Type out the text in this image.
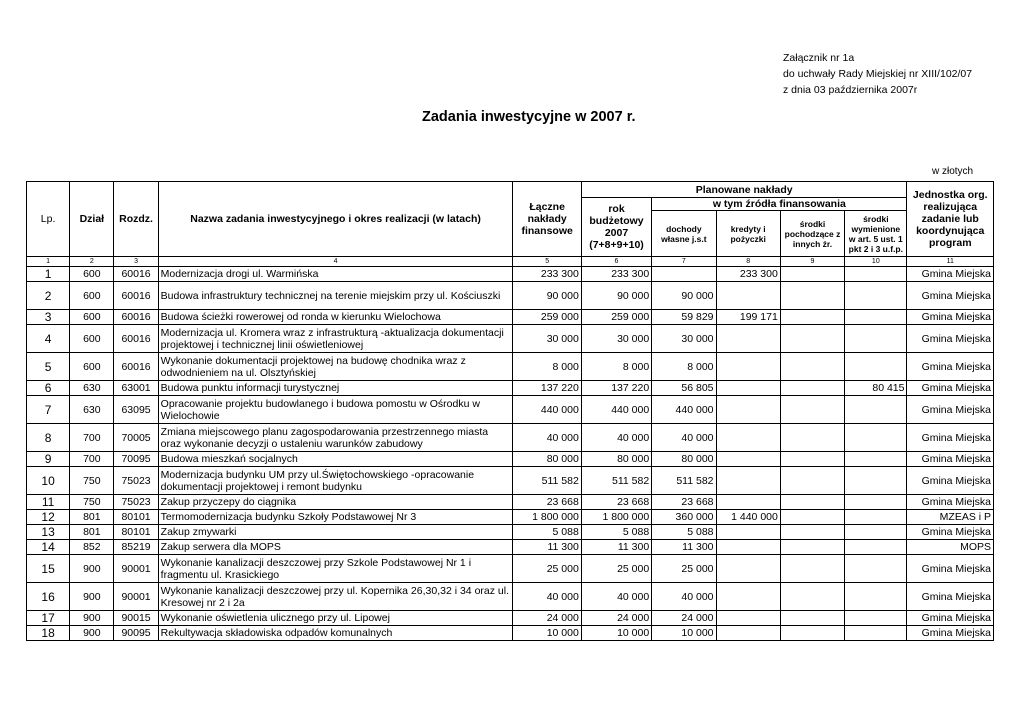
Załącznik nr 1a
do uchwały Rady Miejskiej nr XIII/102/07
z dnia 03 października 2007r
Zadania inwestycyjne w 2007 r.
w złotych
Lp.	Dział	Rozdz.	Nazwa zadania inwestycyjnego i okres realizacji (w latach)	Łączne nakłady finansowe	Planowane nakłady					Jednostka org. realizująca zadanie lub koordynująca program
					rok budżetowy 2007 (7+8+9+10)	w tym źródła finansowania				
						dochody własne j.s.t	kredyty i pożyczki	środki pochodzące z innych źr.	środki wymienione w art. 5 ust. 1 pkt 2 i 3 u.f.p.	
1	2	3	4	5	6	7	8	9	10	11
1	600	60016	Modernizacja drogi ul. Warmińska	233 300	233 300		233 300			Gmina Miejska
2	600	60016	Budowa infrastruktury technicznej na terenie miejskim przy ul. Kościuszki	90 000	90 000	90 000				Gmina Miejska
3	600	60016	Budowa ścieżki rowerowej od ronda w kierunku Wielochowa	259 000	259 000	59 829	199 171			Gmina Miejska
4	600	60016	Modernizacja ul. Kromera wraz z infrastrukturą -aktualizacja dokumentacji projektowej i technicznej linii oświetleniowej	30 000	30 000	30 000				Gmina Miejska
5	600	60016	Wykonanie dokumentacji projektowej na budowę chodnika wraz z odwodnieniem na ul. Olsztyńskiej	8 000	8 000	8 000				Gmina Miejska
6	630	63001	Budowa punktu informacji turystycznej	137 220	137 220	56 805			80 415	Gmina Miejska
7	630	63095	Opracowanie projektu budowlanego i budowa pomostu w Ośrodku w Wielochowie	440 000	440 000	440 000				Gmina Miejska
8	700	70005	Zmiana miejscowego planu zagospodarowania przestrzennego miasta oraz wykonanie decyzji o ustaleniu warunków zabudowy	40 000	40 000	40 000				Gmina Miejska
9	700	70095	Budowa mieszkań socjalnych	80 000	80 000	80 000				Gmina Miejska
10	750	75023	Modernizacja budynku UM przy ul.Świętochowskiego -opracowanie dokumentacji projektowej i remont budynku	511 582	511 582	511 582				Gmina Miejska
11	750	75023	Zakup przyczepy do ciągnika	23 668	23 668	23 668				Gmina Miejska
12	801	80101	Termomodernizacja budynku Szkoły Podstawowej Nr 3	1 800 000	1 800 000	360 000	1 440 000			MZEAS i P
13	801	80101	Zakup zmywarki	5 088	5 088	5 088				Gmina Miejska
14	852	85219	Zakup serwera dla MOPS	11 300	11 300	11 300				MOPS
15	900	90001	Wykonanie kanalizacji deszczowej przy Szkole Podstawowej Nr 1 i fragmentu ul. Krasickiego	25 000	25 000	25 000				Gmina Miejska
16	900	90001	Wykonanie kanalizacji deszczowej przy ul. Kopernika 26,30,32 i 34 oraz ul. Kresowej nr 2 i 2a	40 000	40 000	40 000				Gmina Miejska
17	900	90015	Wykonanie oświetlenia ulicznego przy ul. Lipowej	24 000	24 000	24 000				Gmina Miejska
18	900	90095	Rekultywacja składowiska odpadów komunalnych	10 000	10 000	10 000				Gmina Miejska
